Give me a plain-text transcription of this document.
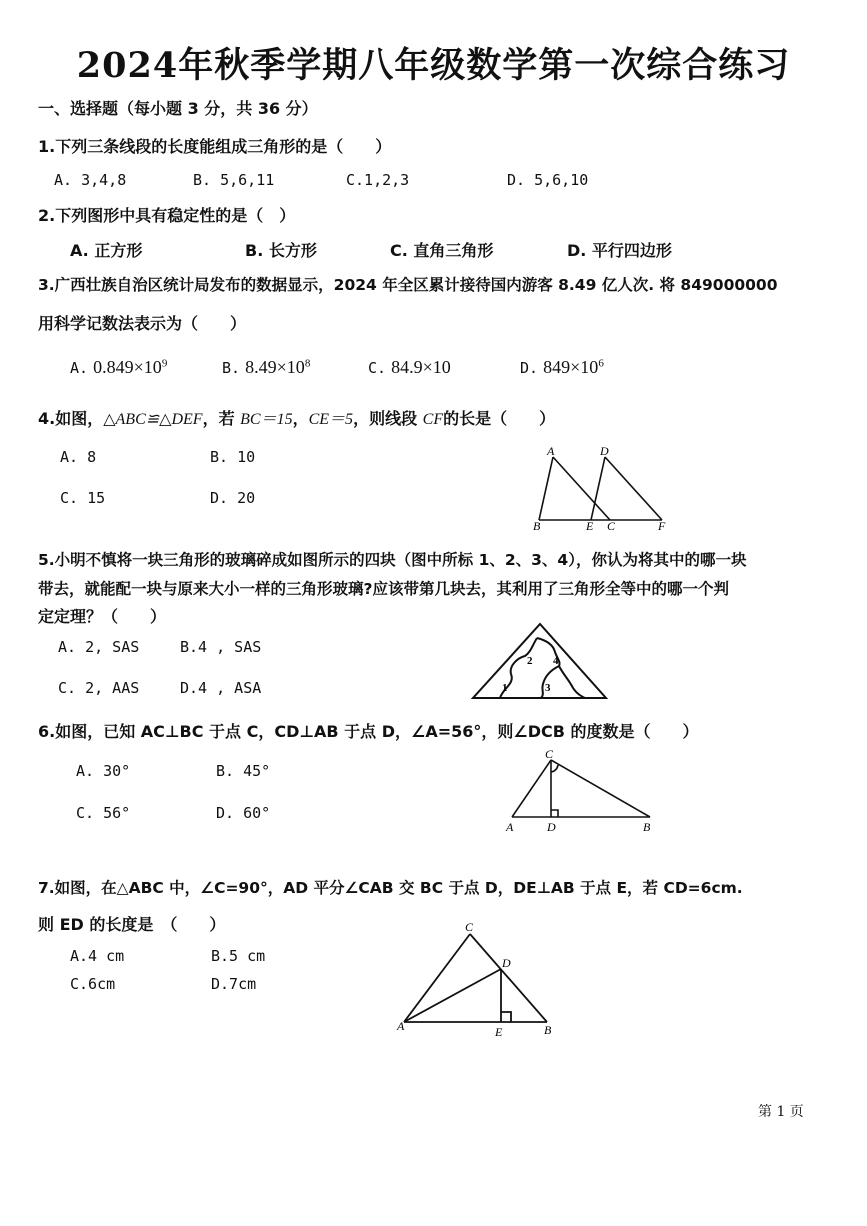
2024年秋季学期八年级数学第一次综合练习
一、选择题（每小题 3 分，共 36 分）
1.下列三条线段的长度能组成三角形的是（　　）
A. 3,4,8	B. 5,6,11	C.1,2,3	D. 5,6,10
2.下列图形中具有稳定性的是（　）
A. 正方形	B. 长方形	C. 直角三角形	D. 平行四边形
3.广西壮族自治区统计局发布的数据显示，2024 年全区累计接待国内游客 8.49 亿人次. 将 849000000
用科学记数法表示为（　　）
A. $0.849\times 10^9$	B. $8.49\times 10^8$	C. 84.9×10	D. $849\times 10^6$
4.如图，△ABC≌△DEF，若 BC＝15，CE＝5，则线段 CF的长是（　　）
A. 8	B. 10
C. 15	D. 20
A	D
B	E C	F
5.小明不慎将一块三角形的玻璃碎成如图所示的四块（图中所标 1、2、3、4），你认为将其中的哪一块
带去，就能配一块与原来大小一样的三角形玻璃?应该带第几块去，其利用了三角形全等中的哪一个判
定定理？（　　）
A. 2, SAS	B.4 , SAS
C. 2, AAS	D.4 , ASA	1
2
3
4
6.如图，已知 AC⊥BC 于点 C，CD⊥AB 于点 D，∠A=56°，则∠DCB 的度数是（　　）
A. 30°	B. 45°
C. 56°	D. 60°
C
A	D	B
7.如图，在△ABC 中，∠C=90°，AD 平分∠CAB 交 BC 于点 D，DE⊥AB 于点 E，若 CD=6cm.
则 ED 的长度是　（　　）
A.4 cm	B.5 cm
C.6cm	D.7cm
C
D
A	E	B
第 1 页
